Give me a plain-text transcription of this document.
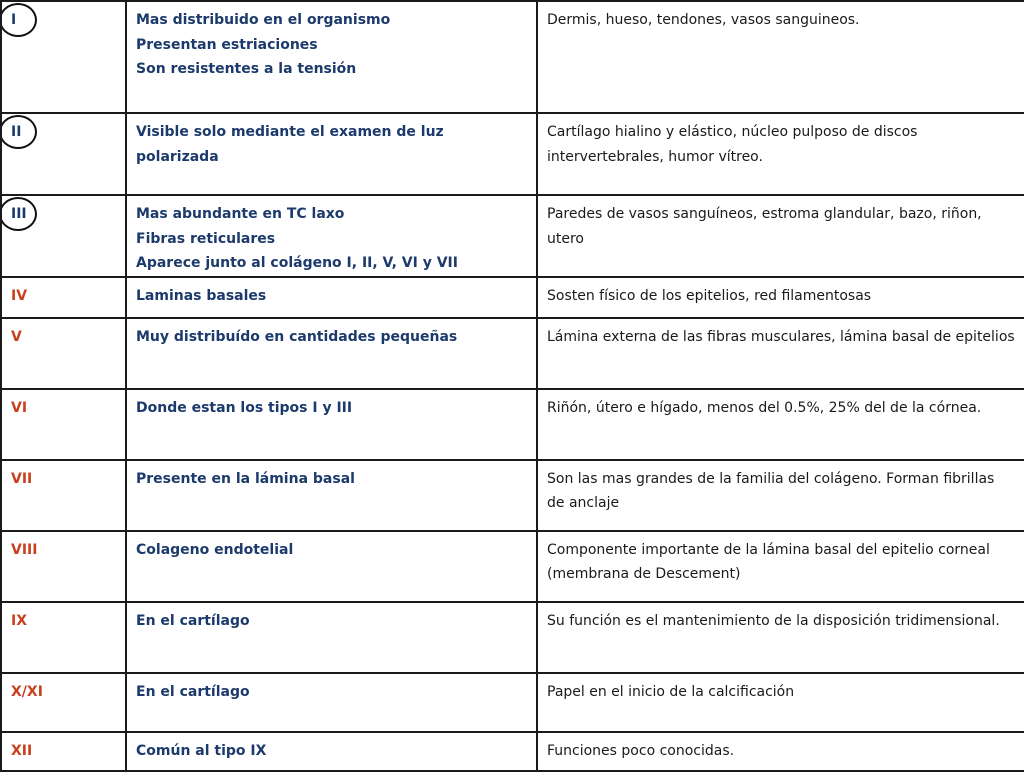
I	Mas distribuido en el organismo
Presentan estriaciones
Son resistentes a la tensión	Dermis, hueso, tendones, vasos sanguineos.

II	Visible solo mediante el examen de luz polarizada	Cartílago hialino y elástico, núcleo pulposo de discos intervertebrales, humor vítreo.

III	Mas abundante en TC laxo
Fibras reticulares
Aparece junto al colágeno I, II, V, VI y VII	Paredes de vasos sanguíneos, estroma glandular, bazo, riñon, utero
IV	Laminas basales	Sosten físico de los epitelios, red filamentosas
V	Muy distribuído en cantidades pequeñas	Lámina externa de las fibras musculares, lámina basal de epitelios
VI	Donde estan los tipos I y III	Riñón, útero e hígado, menos del 0.5%, 25% del de la córnea.
VII	Presente en la lámina basal	Son las mas grandes de la familia del colágeno. Forman fibrillas de anclaje
VIII	Colageno endotelial	Componente importante de la lámina basal del epitelio corneal (membrana de Descement)
IX	En el cartílago	Su función es el mantenimiento de la disposición tridimensional.
X/XI	En el cartílago	Papel en el inicio de la calcificación
XII	Común al tipo IX	Funciones poco conocidas.
